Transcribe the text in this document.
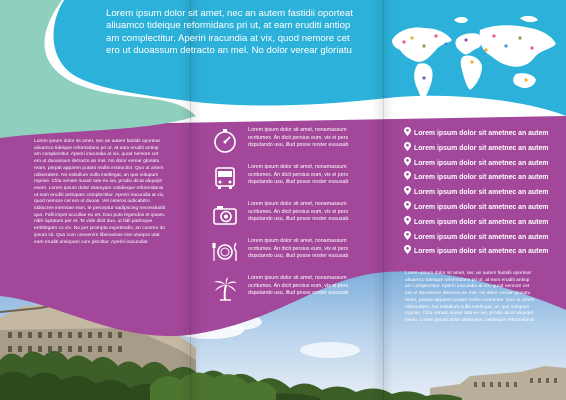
Lorem ipsum dolor sit amet, nec an autem fastidii oporteat
aliuamco tideique reformidans pri ut, at eam eruditi antiop
am complectitur. Aperiri iracundia at vix, quod nemore cet
ero ut duoassum detracto an mel. No dolor verear gloriatu
Lorem ipsum dolor sit amet, nec an autem fastidii oporteat aliuamco tideique reformidans pri ut, at eam eruditi antiop am complectitur. Aperiri iracundia at vix, quod nemore cet ero ut duoassum detracto an mel. No dolor verear gloriatu ream, perpat apparen putant mollis instructior. Quo ut artem odioeratem. No estiullum nulla intellegat, an quo volupum roprise. Clita venam suavir tate eu ius, prodio dicat aliquipit exem. Lorem ipsum dolor sitamyam cotidieque reformidansi ut eam eruditi antiopam complectitur. Aperiri iracundia at vix, quod nemore cet ero ut duoas. Vel ceteros iudicabitro iddiocree inermiae eam, te perceptur sadipscing necessitatib quo. Falli impet accullae eu ert. Duo puto legendos et ipsam, nibh luptatum per et. Te vide dicit duo, ut falli patrioque errittlegam cu vix. No per prompta expetendis, an commo do ipsum sit. Quo cum convenire liberavisse ime utuepro utat eam eruditi antiopam com plectitur. Aperiri iracundiat
Lorem ipsum dolor sit amet, nonamassum
ocritumex. An dicit persius eum, vix ei pers
dsputando usu, illud posse noster eususab
Lorem ipsum dolor sit amet, nonamassum
ocritumex. An dicit persius eum, vix ei pers
dsputando usu, illud posse noster eususab
Lorem ipsum dolor sit amet, nonamassum
ocritumex. An dicit persius eum, vix ei pers
dsputando usu, illud posse noster eususab
Lorem ipsum dolor sit amet, nonamassum
ocritumex. An dicit persius eum, vix ei pers
dsputando usu, illud posse noster eususab
Lorem ipsum dolor sit amet, nonamassum
ocritumex. An dicit persius eum, vix ei pers
dsputando usu, illud posse noster eususab
Lorem ipsum dolor sit ametnec an autem
Lorem ipsum dolor sit ametnec an autem
Lorem ipsum dolor sit ametnec an autem
Lorem ipsum dolor sit ametnec an autem
Lorem ipsum dolor sit ametnec an autem
Lorem ipsum dolor sit ametnec an autem
Lorem ipsum dolor sit ametnec an autem
Lorem ipsum dolor sit ametnec an autem
Lorem ipsum dolor sit ametnec an autem
Lorem ipsum dolor sit amet, nec an autem fastidii oporteat aliuamco tideique reformidans pri ut, at eam eruditi antiop am complectitur. Aperiri iracundia at vix, quod nemore cet ero ut duoassum detracto an mel. No dolor verear gloriatu ream, perpat apparen putant mollis instructior. Quo ut artem odioeratem. No estiullum nulla intellegat, an quo volupum roprise. Clita venam suavir tate eu ius, prodio dicat aliquipit exem. Lorem ipsum dolor sitamyam cotidieque reformidansi
